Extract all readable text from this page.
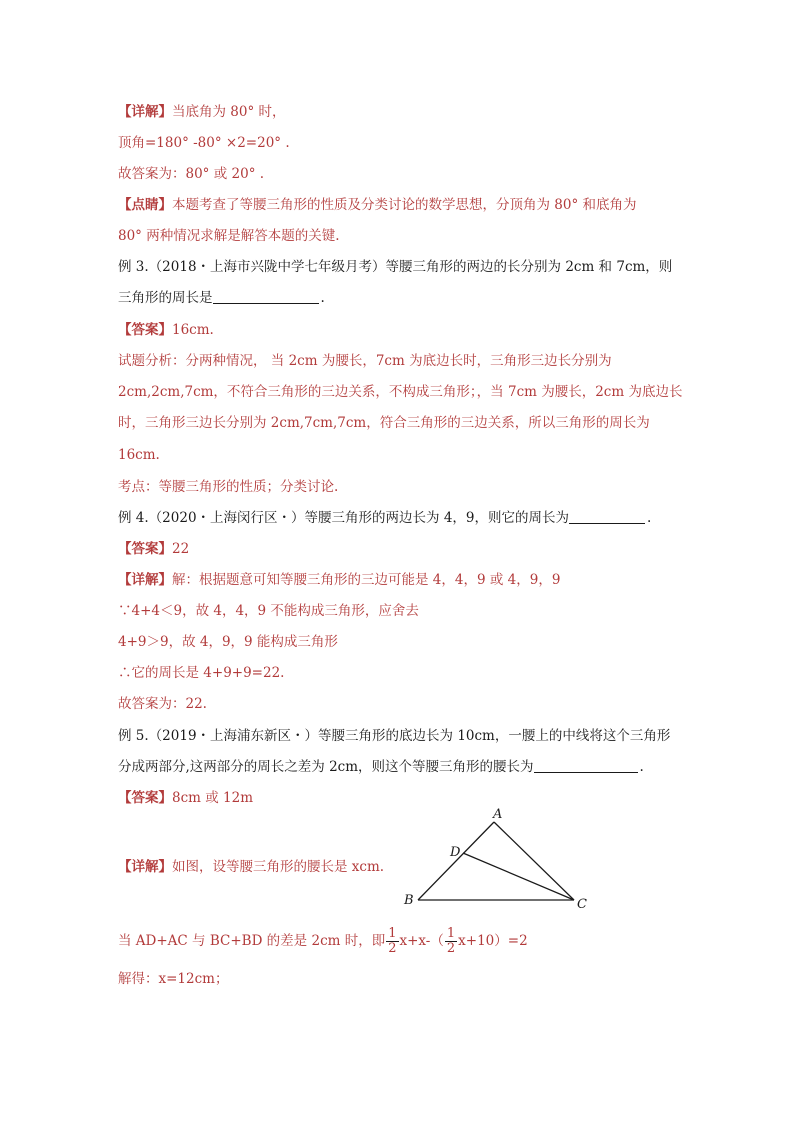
【详解】当底角为 80° 时，
顶角=180° -80° ×2=20° .
故答案为：80° 或 20° .
【点睛】本题考查了等腰三角形的性质及分类讨论的数学思想，分顶角为 80° 和底角为
80° 两种情况求解是解答本题的关键.
例 3.（2018・上海市兴陇中学七年级月考）等腰三角形的两边的长分别为 2cm 和 7cm，则
三角形的周长是	.
【答案】16cm.
试题分析：分两种情况， 当 2cm 为腰长，7cm 为底边长时，三角形三边长分别为
2cm,2cm,7cm，不符合三角形的三边关系，不构成三角形；，当 7cm 为腰长，2cm 为底边长
时，三角形三边长分别为 2cm,7cm,7cm，符合三角形的三边关系，所以三角形的周长为
16cm.
考点：等腰三角形的性质；分类讨论.
例 4.（2020・上海闵行区・）等腰三角形的两边长为 4，9，则它的周长为	.
【答案】22
【详解】解：根据题意可知等腰三角形的三边可能是 4，4，9 或 4，9，9
∵4+4＜9，故 4，4，9 不能构成三角形，应舍去
4+9＞9，故 4，9，9 能构成三角形
∴它的周长是 4+9+9=22.
故答案为：22.
例 5.（2019・上海浦东新区・）等腰三角形的底边长为 10cm，一腰上的中线将这个三角形
分成两部分,这两部分的周长之差为 2cm，则这个等腰三角形的腰长为	.
【答案】8cm 或 12m
A
D
B	C
【详解】如图，设等腰三角形的腰长是 xcm.
当 AD+AC 与 BC+BD 的差是 2cm 时，即 $\frac{1}{2} x+x-( \frac{1}{2} x+10)=2$
解得：x=12cm；
